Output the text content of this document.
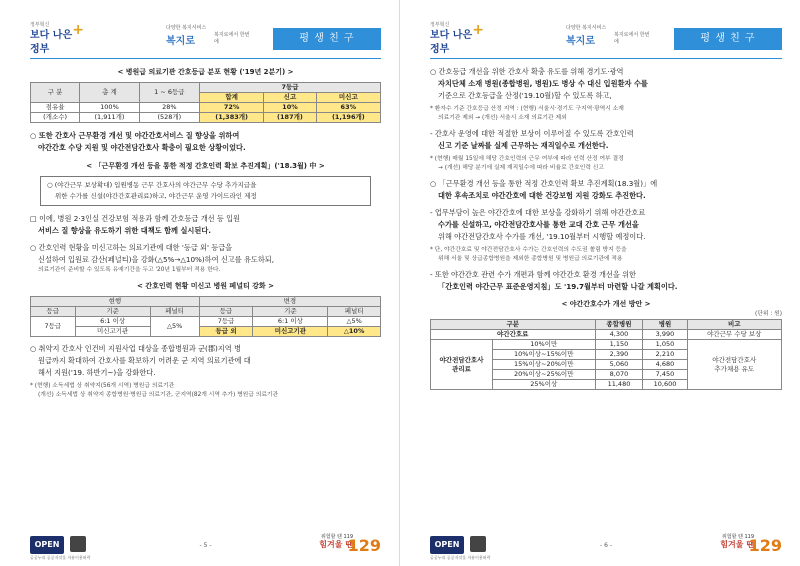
정부혁신
보다 나은 정부
+	다양한 복지서비스
복지로
복지로에서 한번에	평 생 친 구
< 병원급 의료기관 간호등급 분포 현황 ('19년 2분기) >
구 분	총 계	1 ~ 6등급	7등급		
			합계	신고	미신고
점유율	100%	28%	72%	10%	63%
(개소수)	(1,911개)	(528개)	(1,383개)	(187개)	(1,196개)

○ 또한 간호사 근무환경 개선 및 야간간호서비스 질 향상을 위하여

야간간호 수당 지원 및 야간전담간호사 확충이 필요한 상황이었다.

< 「근무환경 개선 등을 통한 적정 간호인력 확보 추진계획」('18.3월) 中 >

○ (야간근무 보상확대) 입원병동 근무 간호사의 야간근무 수당 추가지급을

위한 수가를 신설(야간간호관리료)하고, 야간근무 운영 가이드라인 제정

□ 이에, 병원 2·3인실 건강보험 적용과 함께 간호등급 개선 등 입원

서비스 질 향상을 유도하기 위한 대책도 함께 실시된다.

○ 간호인력 현황을 미신고하는 의료기관에 대한 '등급 외' 등급을

신설하여 입원료 감산(페널티)을 강화(△5%→△10%)하여 신고를 유도하되,

의료기관이 준비할 수 있도록 유예기간을 두고 '20년 1월부터 적용 한다.

< 간호인력 현황 미신고 병원 페널티 강화 >
현행			변경		
등급	기준	페널티	등급	기준	페널티
7등급	6:1 이상	△5%	7등급	6:1 이상	△5%
	미신고기관		등급 외	미신고기관	△10%

○ 취약지 간호사 인건비 지원사업 대상을 종합병원과 군(郡)지역 병

원급까지 확대하여 간호사를 확보하기 어려운 군 지역 의료기관에 대

해서 지원('19. 하반기~)을 강화한다.

* (현행) 소득세법 상 취약지(56개 시역) 병원급 의료기관

(개선) 소득세법 상 취약지 종합병원·병원급 의료기관, 군지역(82개 시역 추가) 병원급 의료기관

OPEN
공공누리 공공저작물 자유이용허락
- 5 -
위험할 땐 119
힘겨울 땐
129
정부혁신
보다 나은 정부
+	다양한 복지서비스
복지로
복지로에서 한번에	평 생 친 구

○ 간호등급 개선을 위한 간호사 확충 유도를 위해 경기도·광역

자치단체 소재 병원(종합병원, 병원)도 병상 수 대신 입원환자 수를

기준으로 간호등급을 산정('19.10월)할 수 있도록 하고,

* 환자수 기준 간호등급 산정 지역 : (현행) 서울시·경기도 구지역·광역시 소재

의료기관 제외 → (개선) 서울시 소재 의료기관 제외

- 간호사 운영에 대한 적절한 보상이 이루어질 수 있도록 간호인력

신고 기준 날짜를 실제 근무하는 재직일수로 개선한다.

* (현행) 매월 15일에 해당 간호인력의 근무 여부에 따라 인력 산정 여부 결정

→ (개선) 해당 분기에 실제 재직일수에 따라 비율로 간호인력 신고

○ 「근무환경 개선 등을 통한 적정 간호인력 확보 추진계획(18.3월)」에

대한 후속조치로 야간간호에 대한 건강보험 지원 강화도 추진한다.

- 업무부담이 높은 야간간호에 대한 보상을 강화하기 위해 야간간호료

수가를 신설하고, 야간전담간호사를 통한 교대 간호 근무 개선을

위해 야간전담간호사 수가를 개선, '19.10월부터 시행할 예정이다.

* 단, 야간간호료 및 야간전담간호사 수가는 간호인력의 수도권 쏠림 방지 등을

위해 서울 및 상급종합병원을 제외한 종합병원 및 병원급 의료기관에 적용

- 또한 야간간호 관련 수가 개편과 함께 야간간호 환경 개선을 위한

「간호인력 야간근무 표준운영지침」도 '19.7월부터 마련할 나갈 계획이다.

< 야간간호수가 개선 방안 >
(단위 : 원)
구분		종합병원	병원	비고
야간간호료		4,300	3,990	야간근무 수당 보상
야간전담간호사
관리료	10%이만	1,150	1,050	야간전담간호사
추가채용 유도
	10%이상~15%이만	2,390	2,210	
	15%이상~20%이만	5,060	4,680	
	20%이상~25%이만	8,070	7,450	
	25%이상	11,480	10,600	
OPEN
공공누리 공공저작물 자유이용허락
- 6 -
위험할 땐 119
힘겨울 땐
129
